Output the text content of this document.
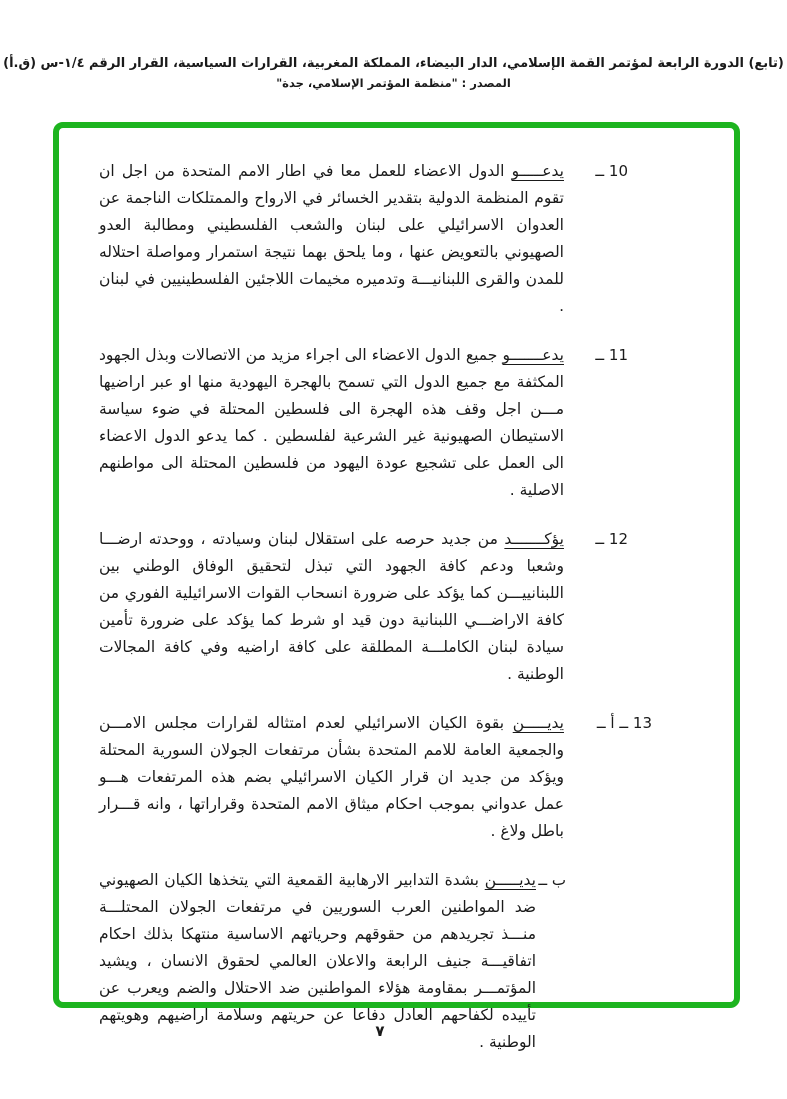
(تابع) الدورة الرابعة لمؤتمر القمة الإسلامي، الدار البيضاء، المملكة المغربية، القرارات السياسية، القرار الرقم ١/٤-س (ق.أ)
المصدر : "منظمة المؤتمر الإسلامي، جدة"
10 ــ
يدعـــــو الدول الاعضاء للعمل معا في اطار الامم المتحدة من اجل ان تقوم المنظمة الدولية بتقدير الخسائر في الارواح والممتلكات الناجمة عن العدوان الاسرائيلي على لبنان والشعب الفلسطيني ومطالبة العدو الصهيوني بالتعويض عنها ، وما يلحق بهما نتيجة استمرار ومواصلة احتلاله للمدن والقرى اللبنانيـــة وتدميره مخيمات اللاجئين الفلسطينيين في لبنان .
11 ــ
يدعـــــــو جميع الدول الاعضاء الى اجراء مزيد من الاتصالات وبذل الجهود المكثفة مع جميع الدول التي تسمح بالهجرة اليهودية منها او عبر اراضيها مـــن اجل وقف هذه الهجرة الى فلسطين المحتلة في ضوء سياسة الاستيطان الصهيونية غير الشرعية لفلسطين . كما يدعو الدول الاعضاء الى العمل على تشجيع عودة اليهود من فلسطين المحتلة الى مواطنهم الاصلية .
12 ــ
يؤكـــــــد من جديد حرصه على استقلال لبنان وسيادته ، ووحدته ارضـــا وشعبا ودعم كافة الجهود التي تبذل لتحقيق الوفاق الوطني بين اللبنانييـــن كما يؤكد على ضرورة انسحاب القوات الاسرائيلية الفوري من كافة الاراضـــي اللبنانية دون قيد او شرط كما يؤكد على ضرورة تأمين سيادة لبنان الكاملـــة المطلقة على كافة اراضيه وفي كافة المجالات الوطنية .
13 ــ أ ــ
يديـــــن بقوة الكيان الاسرائيلي لعدم امتثاله لقرارات مجلس الامـــن والجمعية العامة للامم المتحدة بشأن مرتفعات الجولان السورية المحتلة ويؤكد من جديد ان قرار الكيان الاسرائيلي بضم هذه المرتفعات هـــو عمل عدواني بموجب احكام ميثاق الامم المتحدة وقراراتها ، وانه قـــرار باطل ولاغ .
ب ــ
يديـــــن بشدة التدابير الارهابية القمعية التي يتخذها الكيان الصهيوني ضد المواطنين العرب السوريين في مرتفعات الجولان المحتلـــة منـــذ تجريدهم من حقوقهم وحرياتهم الاساسية منتهكا بذلك احكام اتفاقيـــة جنيف الرابعة والاعلان العالمي لحقوق الانسان ، ويشيد المؤتمـــر بمقاومة هؤلاء المواطنين ضد الاحتلال والضم ويعرب عن تأييده لكفاحهم العادل دفاعا عن حريتهم وسلامة اراضيهم وهويتهم الوطنية .
٧
